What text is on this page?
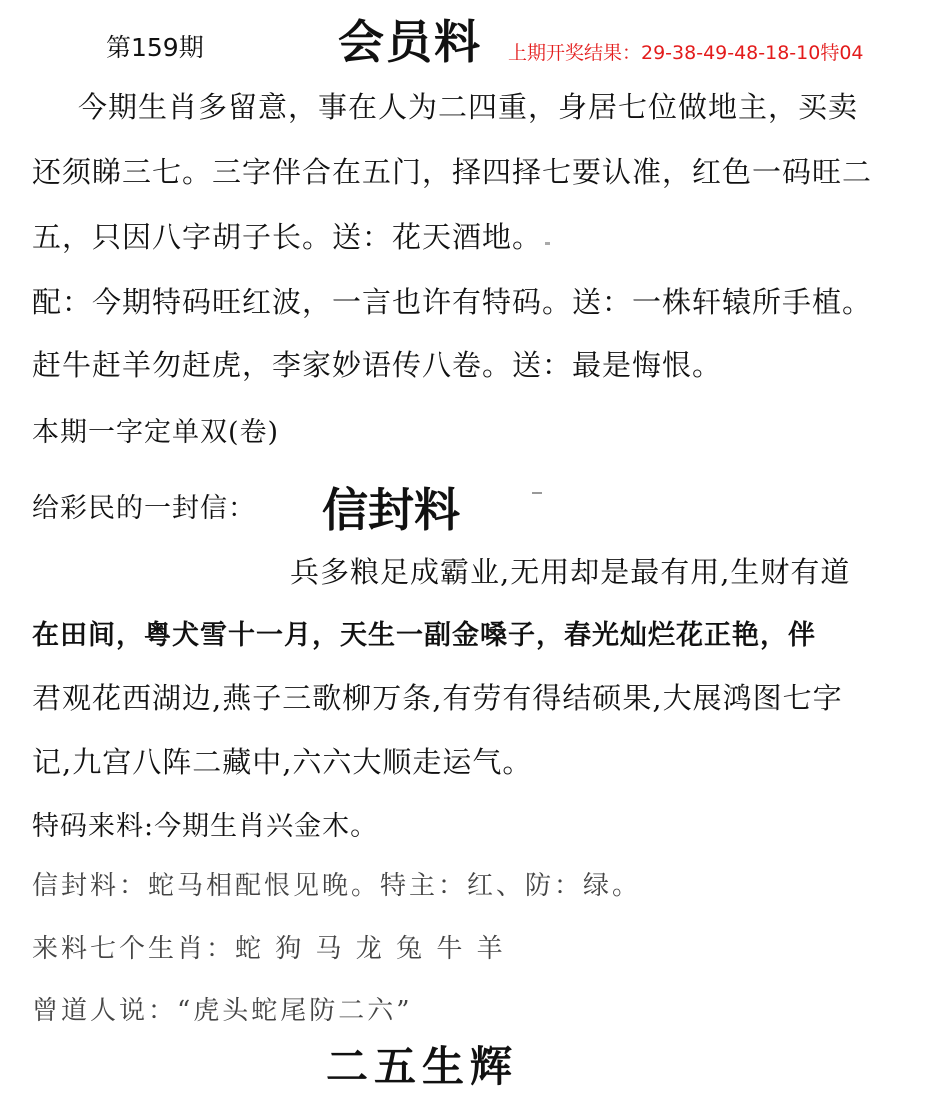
第159期	会员料 上期开奖结果：29-38-49-48-18-10特04
今期生肖多留意，事在人为二四重，身居七位做地主，买卖
还须睇三七。三字伴合在五门，择四择七要认准，红色一码旺二
五，只因八字胡子长。送：花天酒地。
配：今期特码旺红波，一言也许有特码。送：一株轩辕所手植。
赶牛赶羊勿赶虎，李家妙语传八卷。送：最是悔恨。
本期一字定单双(卷)
给彩民的一封信： 信封料
兵多粮足成霸业,无用却是最有用,生财有道
在田间，粤犬雪十一月，天生一副金嗓子，春光灿烂花正艳，伴
君观花西湖边,燕子三歌柳万条,有劳有得结硕果,大展鸿图七字
记,九宫八阵二藏中,六六大顺走运气。
特码来料:今期生肖兴金木。
信封料：蛇马相配恨见晚。特主：红、防：绿。
来料七个生肖：蛇 狗 马 龙 兔 牛 羊
曾道人说：“虎头蛇尾防二六”
二五生辉
